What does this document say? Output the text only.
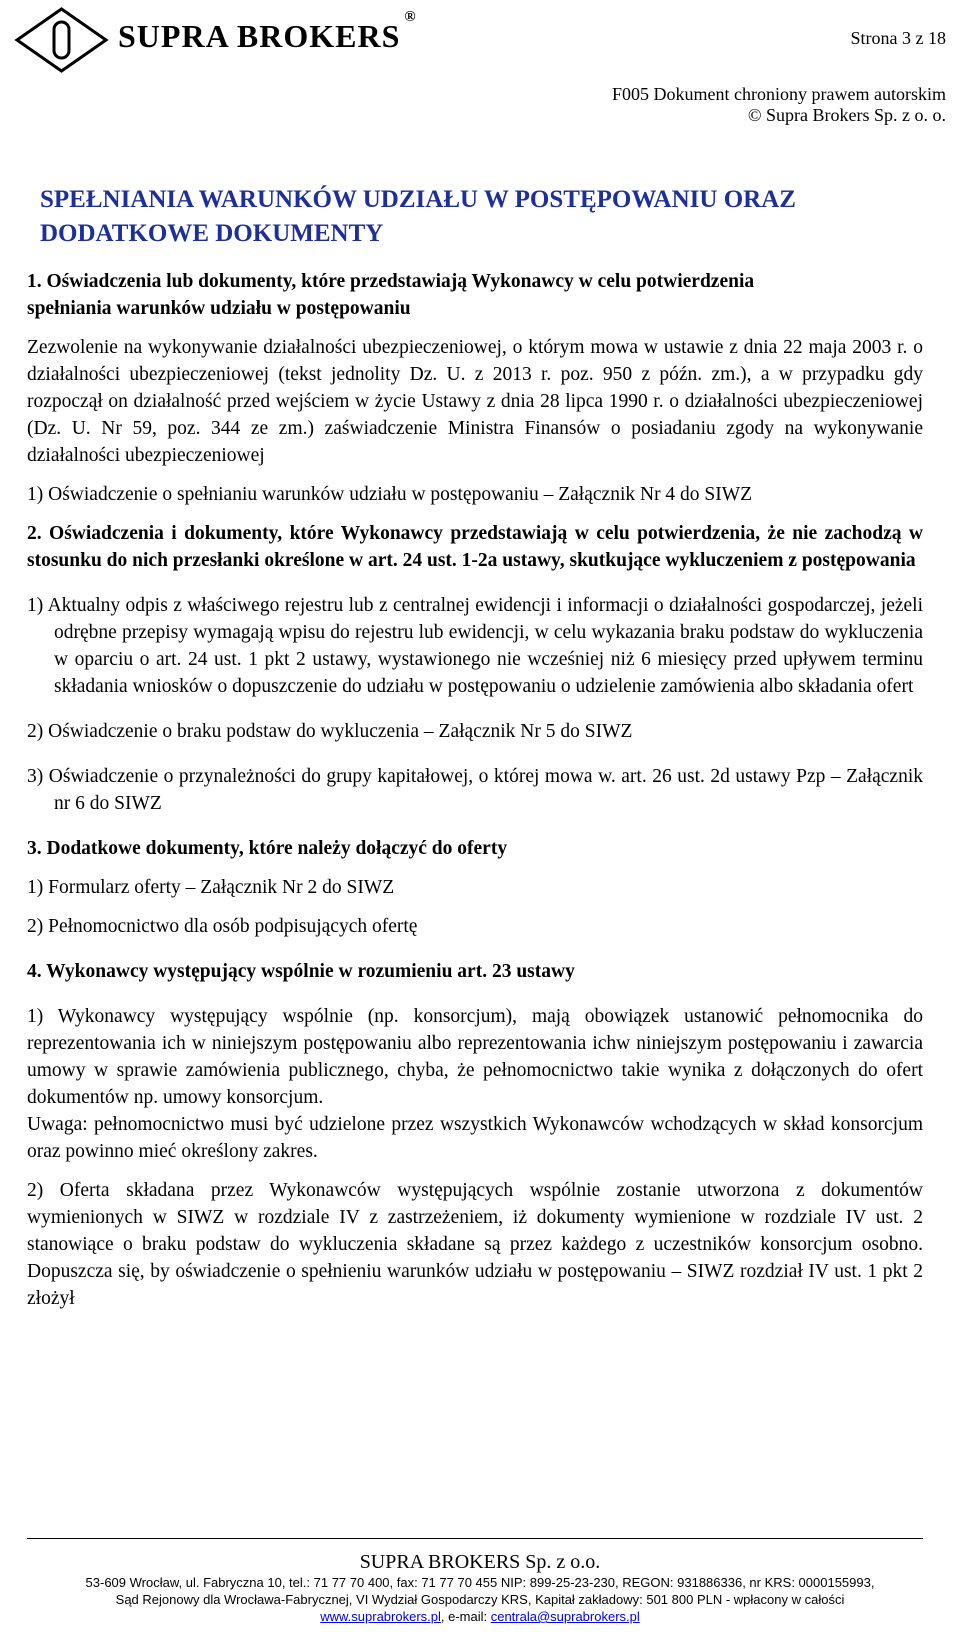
SUPRA BROKERS®
Strona 3 z 18
F005 Dokument chroniony prawem autorskim
© Supra Brokers Sp. z o. o.
SPEŁNIANIA WARUNKÓW UDZIAŁU W POSTĘPOWANIU ORAZ
DODATKOWE DOKUMENTY

1. Oświadczenia lub dokumenty, które przedstawiają Wykonawcy w celu potwierdzenia
spełniania warunków udziału w postępowaniu

Zezwolenie na wykonywanie działalności ubezpieczeniowej, o którym mowa w ustawie z dnia 22 maja 2003 r. o działalności ubezpieczeniowej (tekst jednolity Dz. U. z 2013 r. poz. 950 z późn. zm.), a w przypadku gdy rozpoczął on działalność przed wejściem w życie Ustawy z dnia 28 lipca 1990 r. o działalności ubezpieczeniowej (Dz. U. Nr 59, poz. 344 ze zm.) zaświadczenie Ministra Finansów o posiadaniu zgody na wykonywanie działalności ubezpieczeniowej

1) Oświadczenie o spełnianiu warunków udziału w postępowaniu – Załącznik Nr 4 do SIWZ

2. Oświadczenia i dokumenty, które Wykonawcy przedstawiają w celu potwierdzenia, że nie zachodzą w stosunku do nich przesłanki określone w art. 24 ust. 1-2a ustawy, skutkujące wykluczeniem z postępowania

1) Aktualny odpis z właściwego rejestru lub z centralnej ewidencji i informacji o działalności gospodarczej, jeżeli odrębne przepisy wymagają wpisu do rejestru lub ewidencji, w celu wykazania braku podstaw do wykluczenia w oparciu o art. 24 ust. 1 pkt 2 ustawy, wystawionego nie wcześniej niż 6 miesięcy przed upływem terminu składania wniosków o dopuszczenie do udziału w postępowaniu o udzielenie zamówienia albo składania ofert

2) Oświadczenie o braku podstaw do wykluczenia – Załącznik Nr 5 do SIWZ

3) Oświadczenie o przynależności do grupy kapitałowej, o której mowa w. art. 26 ust. 2d ustawy Pzp – Załącznik nr 6 do SIWZ

3. Dodatkowe dokumenty, które należy dołączyć do oferty

1) Formularz oferty – Załącznik Nr 2 do SIWZ

2) Pełnomocnictwo dla osób podpisujących ofertę

4. Wykonawcy występujący wspólnie w rozumieniu art. 23 ustawy

1) Wykonawcy występujący wspólnie (np. konsorcjum), mają obowiązek ustanowić pełnomocnika do reprezentowania ich w niniejszym postępowaniu albo reprezentowania ichw niniejszym postępowaniu i zawarcia umowy w sprawie zamówienia publicznego, chyba, że pełnomocnictwo takie wynika z dołączonych do ofert dokumentów np. umowy konsorcjum.

Uwaga: pełnomocnictwo musi być udzielone przez wszystkich Wykonawców wchodzących w skład konsorcjum oraz powinno mieć określony zakres.

2) Oferta składana przez Wykonawców występujących wspólnie zostanie utworzona z dokumentów wymienionych w SIWZ w rozdziale IV z zastrzeżeniem, iż dokumenty wymienione w rozdziale IV ust. 2 stanowiące o braku podstaw do wykluczenia składane są przez każdego z uczestników konsorcjum osobno. Dopuszcza się, by oświadczenie o spełnieniu warunków udziału w postępowaniu – SIWZ rozdział IV ust. 1 pkt 2 złożył

SUPRA BROKERS Sp. z o.o.
53-609 Wrocław, ul. Fabryczna 10, tel.: 71 77 70 400, fax: 71 77 70 455 NIP: 899-25-23-230, REGON: 931886336, nr KRS: 0000155993,
Sąd Rejonowy dla Wrocława-Fabrycznej, VI Wydział Gospodarczy KRS, Kapitał zakładowy: 501 800 PLN - wpłacony w całości
www.suprabrokers.pl, e-mail: centrala@suprabrokers.pl
